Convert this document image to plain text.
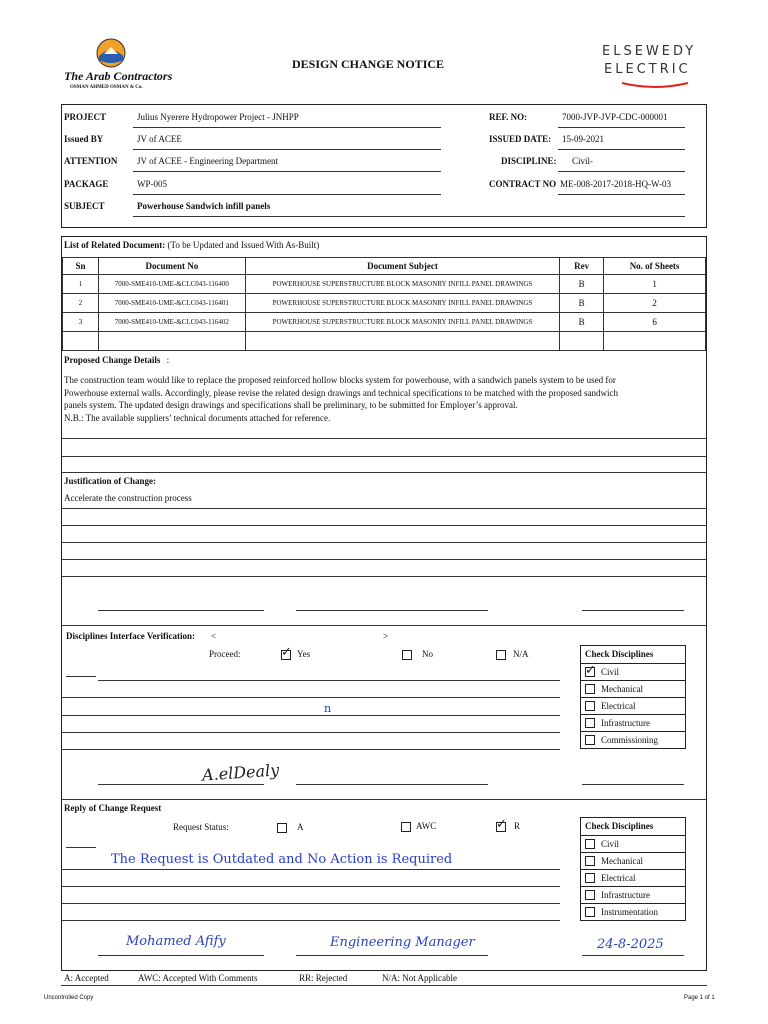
The Arab Contractors
OSMAN AHMED OSMAN & Co.
DESIGN CHANGE NOTICE
ELSEWEDY
ELECTRIC
PROJECT	Julius Nyerere Hydropower Project - JNHPP
Issued BY	JV of ACEE
ATTENTION JV of ACEE - Engineering Department
PACKAGE	WP-005
SUBJECT	Powerhouse Sandwich infill panels
REF. NO:	7000-JVP-JVP-CDC-000001
ISSUED DATE: 15-09-2021
DISCIPLINE: Civil-
CONTRACT NO ME-008-2017-2018-HQ-W-03
List of Related Document: (To be Updated and Issued With As-Built)
Sn	Document No	Document Subject	Rev	No. of Sheets
1	7000-SME410-UME-&CLC043-116400	POWERHOUSE SUPERSTRUCTURE BLOCK MASONRY INFILL PANEL DRAWINGS	B	1
2	7000-SME410-UME-&CLC043-116401	POWERHOUSE SUPERSTRUCTURE BLOCK MASONRY INFILL PANEL DRAWINGS	B	2
3	7000-SME410-UME-&CLC043-116402	POWERHOUSE SUPERSTRUCTURE BLOCK MASONRY INFILL PANEL DRAWINGS	B	6

Proposed Change Details :
The construction team would like to replace the proposed reinforced hollow blocks system for powerhouse, with a sandwich panels system to be used for
Powerhouse external walls. Accordingly, please revise the related design drawings and technical specifications to be matched with the proposed sandwich
panels system. The updated design drawings and specifications shall be preliminary, to be submitted for Employer’s approval.
N.B.: The available suppliers’ technical documents attached for reference.
Justification of Change:
Accelerate the construction process
Disciplines Interface Verification: <	>
Proceed:	✓ Yes	No	N/A
n
A.elDealy
Check Disciplines
✓ Civil
Mechanical
Electrical
Infrastructure
Commissioning
Reply of Change Request
Request Status:	A	AWC	✓ R
The Request is Outdated and No Action is Required
Mohamed Afify	Engineering Manager	24-8-2025
Check Disciplines
Civil
Mechanical
Electrical
Infrastructure
Instrumentation
A: Accepted	AWC: Accepted With Comments	RR: Rejected	N/A: Not Applicable
Uncontrolled Copy	Page 1 of 1
